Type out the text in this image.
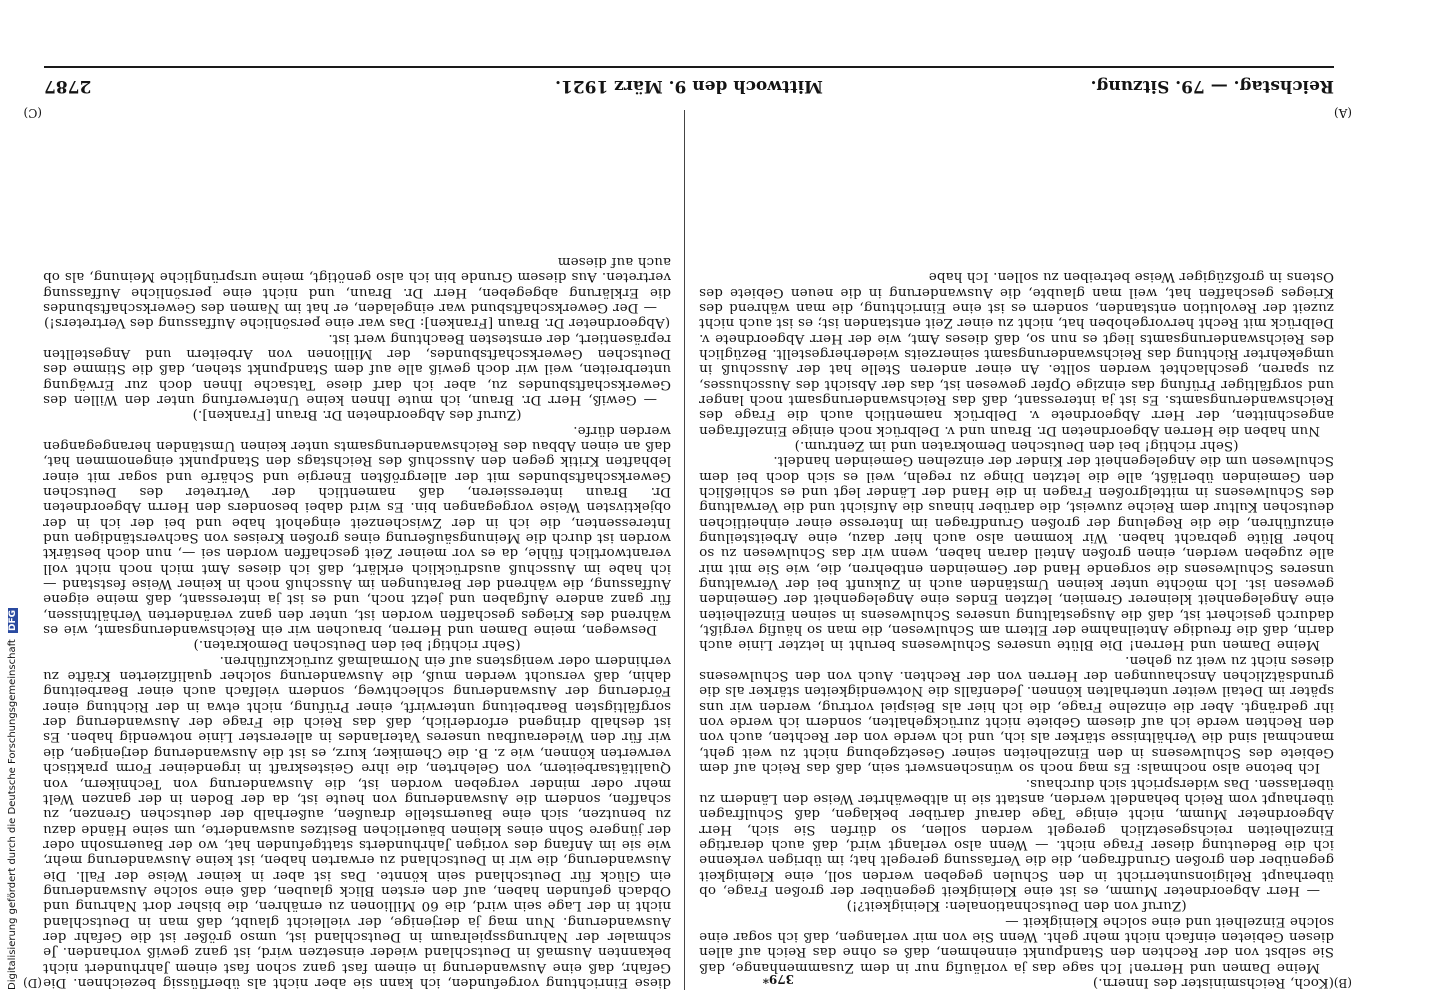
Reichstag. — 79. Sitzung.
Mittwoch den 9. März 1921.
2787

(Koch, Reichsminister des Innern.)

Meine Damen und Herren! Ich sage das ja vorläufig nur in dem Zusammenhange, daß Sie selbst von der Rechten den Standpunkt einnehmen, daß es ohne das Reich auf allen diesen Gebieten einfach nicht mehr geht. Wenn Sie von mir verlangen, daß ich sogar eine solche Einzelheit und eine solche Kleinigkeit —

(Zuruf von den Deutschnationalen: Kleinigkeit?!)

— Herr Abgeordneter Mumm, es ist eine Kleinigkeit gegenüber der großen Frage, ob überhaupt Religionsunterricht in den Schulen gegeben werden soll, eine Kleinigkeit gegenüber den großen Grundfragen, die die Verfassung geregelt hat; im übrigen verkenne ich die Bedeutung dieser Frage nicht. — Wenn also verlangt wird, daß auch derartige Einzelheiten reichsgesetzlich geregelt werden sollen, so dürfen Sie sich, Herr Abgeordneter Mumm, nicht einige Tage darauf darüber beklagen, daß Schulfragen überhaupt vom Reich behandelt werden, anstatt sie in altbewährter Weise den Ländern zu überlassen. Das widerspricht sich durchaus.

Ich betone also nochmals: Es mag noch so wünschenswert sein, daß das Reich auf dem Gebiete des Schulwesens in den Einzelheiten seiner Gesetzgebung nicht zu weit geht, manchmal sind die Verhältnisse stärker als ich, und ich werde von der Rechten, auch von den Rechten werde ich auf diesem Gebiete nicht zurückgehalten, sondern ich werde von ihr gedrängt. Aber die einzelne Frage, die ich hier als Beispiel vortrug, werden wir uns später im Detail weiter unterhalten können. Jedenfalls die Notwendigkeiten stärker als die grundsätzlichen Anschauungen der Herren von der Rechten. Auch von den Schulwesens dieses nicht zu weit zu gehen.

Meine Damen und Herren! Die Blüte unseres Schulwesens beruht in letzter Linie auch darin, daß die freudige Anteilnahme der Eltern am Schulwesen, die man so häufig vergißt, dadurch gesichert ist, daß die Ausgestaltung unseres Schulwesens in seinen Einzelheiten eine Angelegenheit kleinerer Gremien, letzten Endes eine Angelegenheit der Gemeinden gewesen ist. Ich möchte unter keinen Umständen auch in Zukunft bei der Verwaltung unseres Schulwesens die sorgende Hand der Gemeinden entbehren, die, wie Sie mit mir alle zugeben werden, einen großen Anteil daran haben, wenn wir das Schulwesen zu so hoher Blüte gebracht haben. Wir kommen also auch hier dazu, eine Arbeitsteilung einzuführen, die die Regelung der großen Grundfragen im Interesse einer einheitlichen deutschen Kultur dem Reiche zuweist, die darüber hinaus die Aufsicht und die Verwaltung des Schulwesens in mittelgroßen Fragen in die Hand der Länder legt und es schließlich den Gemeinden überläßt, alle die letzten Dinge zu regeln, weil es sich doch bei dem Schulwesen um die Angelegenheit der Kinder der einzelnen Gemeinden handelt.

(Sehr richtig! bei den Deutschen Demokraten und im Zentrum.)

Nun haben die Herren Abgeordneten Dr. Braun und v. Delbrück noch einige Einzelfragen angeschnitten, der Herr Abgeordnete v. Delbrück namentlich auch die Frage des Reichswanderungsamts. Es ist ja interessant, daß das Reichswanderungsamt noch langer und sorgfältiger Prüfung das einzige Opfer gewesen ist, das der Absicht des Ausschusses, zu sparen, geschlachtet werden sollte. An einer anderen Stelle hat der Ausschuß in umgekehrter Richtung das Reichswanderungsamt seinerzeits wiederhergestellt. Bezüglich des Reichswanderungsamts liegt es nun so, daß dieses Amt, wie der Herr Abgeordnete v. Delbrück mit Recht hervorgehoben hat, nicht zu einer Zeit entstanden ist; es ist auch nicht zuzeit der Revolution entstanden, sondern es ist eine Einrichtung, die man während des Krieges geschaffen hat, weil man glaubte, die Auswanderung in die neuen Gebiete des Ostens in großzügiger Weise betreiben zu sollen. Ich habe

diese Einrichtung vorgefunden, ich kann sie aber nicht als überflüssig bezeichnen. Die Gefahr, daß eine Auswanderung in einem fast ganz schon fast einem Jahrhundert nicht bekannten Ausmaß in Deutschland wieder einsetzen wird, ist ganz gewiß vorhanden. Je schmaler der Nahrungsspielraum in Deutschland ist, umso größer ist die Gefahr der Auswanderung. Nun mag ja derjenige, der vielleicht glaubt, daß man in Deutschland nicht in der Lage sein wird, die 60 Millionen zu ernähren, die bisher dort Nahrung und Obdach gefunden haben, auf den ersten Blick glauben, daß eine solche Auswanderung ein Glück für Deutschland sein könnte. Das ist aber in keiner Weise der Fall. Die Auswanderung, die wir in Deutschland zu erwarten haben, ist keine Auswanderung mehr, wie sie im Anfang des vorigen Jahrhunderts stattgefunden hat, wo der Bauernsohn oder der jüngere Sohn eines kleinen bäuerlichen Besitzes auswanderte, um seine Hände dazu zu benutzen, sich eine Bauernstelle draußen, außerhalb der deutschen Grenzen, zu schaffen, sondern die Auswanderung von heute ist, da der Boden in der ganzen Welt mehr oder minder vergeben worden ist, die Auswanderung von Technikern, von Qualitätsarbeitern, von Gelehrten, die ihre Geisteskraft in irgendeiner Form praktisch verwerten können, wie z. B. die Chemiker, kurz, es ist die Auswanderung derjenigen, die wir für den Wiederaufbau unseres Vaterlandes in allererster Linie notwendig haben. Es ist deshalb dringend erforderlich, daß das Reich die Frage der Auswanderung der sorgfältigsten Bearbeitung unterwirft, einer Prüfung, nicht etwa in der Richtung einer Förderung der Auswanderung schlechtweg, sondern vielfach auch einer Bearbeitung dahin, daß versucht werden muß, die Auswanderung solcher qualifizierten Kräfte zu verhindern oder wenigstens auf ein Normalmaß zurückzuführen.

(Sehr richtig! bei den Deutschen Demokraten.)

Deswegen, meine Damen und Herren, brauchen wir ein Reichswanderungsamt, wie es während des Krieges geschaffen worden ist, unter den ganz veränderten Verhältnissen, für ganz andere Aufgaben und jetzt noch, und es ist ja interessant, daß meine eigene Auffassung, die während der Beratungen im Ausschuß noch in keiner Weise feststand — ich habe im Ausschuß ausdrücklich erklärt, daß ich dieses Amt mich noch nicht voll verantwortlich fühle, da es vor meiner Zeit geschaffen worden sei —, nun doch bestärkt worden ist durch die Meinungsäußerung eines großen Kreises von Sachverständigen und Interessenten, die ich in der Zwischenzeit eingeholt habe und bei der ich in der objektivsten Weise vorgegangen bin. Es wird dabei besonders den Herrn Abgeordneten Dr. Braun interessieren, daß namentlich der Vertreter des Deutschen Gewerkschaftsbundes mit der allergrößten Energie und Schärfe und sogar mit einer lebhaften Kritik gegen den Ausschuß des Reichstags den Standpunkt eingenommen hat, daß an einen Abbau des Reichswanderungsamts unter keinen Umständen herangegangen werden dürfe.

(Zuruf des Abgeordneten Dr. Braun [Franken].)

— Gewiß, Herr Dr. Braun, ich mute Ihnen keine Unterwerfung unter den Willen des Gewerkschaftsbundes zu, aber ich darf diese Tatsache Ihnen doch zur Erwägung unterbreiten, weil wir doch gewiß alle auf dem Standpunkt stehen, daß die Stimme des Deutschen Gewerkschaftsbundes, der Millionen von Arbeitern und Angestellten repräsentiert, der ernstesten Beachtung wert ist.

(Abgeordneter Dr. Braun [Franken]: Das war eine persönliche Auffassung des Vertreters!)

— Der Gewerkschaftsbund war eingeladen, er hat im Namen des Gewerkschaftsbundes die Erklärung abgegeben, Herr Dr. Braun, und nicht eine persönliche Auffassung vertreten. Aus diesem Grunde bin ich also genötigt, meine ursprüngliche Meinung, als ob auch auf diesem

(A)
(B)
(C)
(D)	379*
Digitalisierung gefördert durch die Deutsche Forschungsgemeinschaft DFG
